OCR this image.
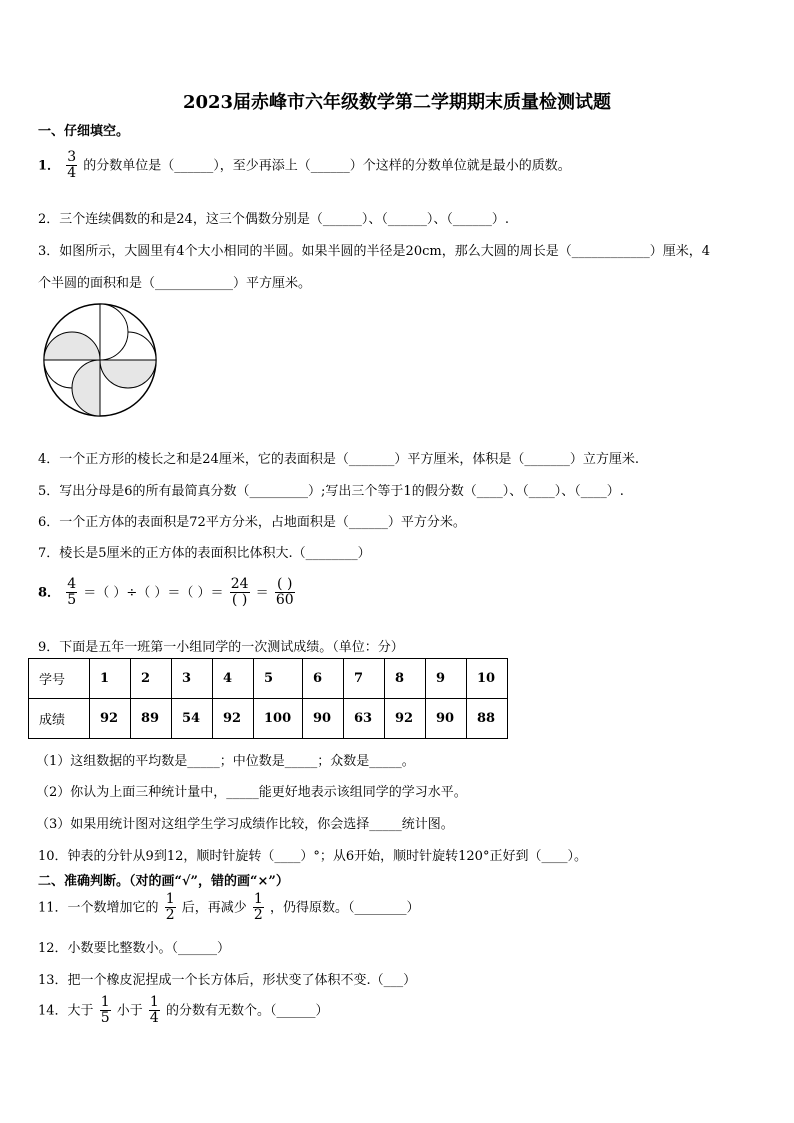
2023届赤峰市六年级数学第二学期期末质量检测试题
一、仔细填空。
1． $\frac{3}{4}$ 的分数单位是（______），至少再添上（______）个这样的分数单位就是最小的质数。
2．三个连续偶数的和是24，这三个偶数分别是（______）、（______）、（______）.
3．如图所示，大圆里有4个大小相同的半圆。如果半圆的半径是20cm，那么大圆的周长是（____________）厘米，4
个半圆的面积和是（____________）平方厘米。
4．一个正方形的棱长之和是24厘米，它的表面积是（_______）平方厘米，体积是（_______）立方厘米.
5．写出分母是6的所有最简真分数（_________）;写出三个等于1的假分数（____）、（____）、（____）.
6．一个正方体的表面积是72平方分米，占地面积是（______）平方分米。
7．棱长是5厘米的正方体的表面积比体积大.（________）
8． $\frac{4}{5}$ ＝（ ）÷（ ）＝（ ）＝ $\frac{24}{( )} = \frac{( )}{60}$
9．下面是五年一班第一小组同学的一次测试成绩。（单位：分）
学号	1	2	3	4	5	6	7	8	9	10
成绩	92	89	54	92	100	90	63	92	90	88
（1）这组数据的平均数是_____；中位数是_____；众数是_____。
（2）你认为上面三种统计量中，_____能更好地表示该组同学的学习水平。
（3）如果用统计图对这组学生学习成绩作比较，你会选择_____统计图。
10．钟表的分针从9到12，顺时针旋转（____）°；从6开始，顺时针旋转120°正好到（____）。
二、准确判断。（对的画“√”，错的画“×”）
11．一个数增加它的 $\frac{1}{2}$ 后，再减少 $\frac{1}{2}$ ，仍得原数。（________）
12．小数要比整数小。（______）
13．把一个橡皮泥捏成一个长方体后，形状变了体积不变.（___）
14．大于 $\frac{1}{5}$ 小于 $\frac{1}{4}$ 的分数有无数个。（______）
